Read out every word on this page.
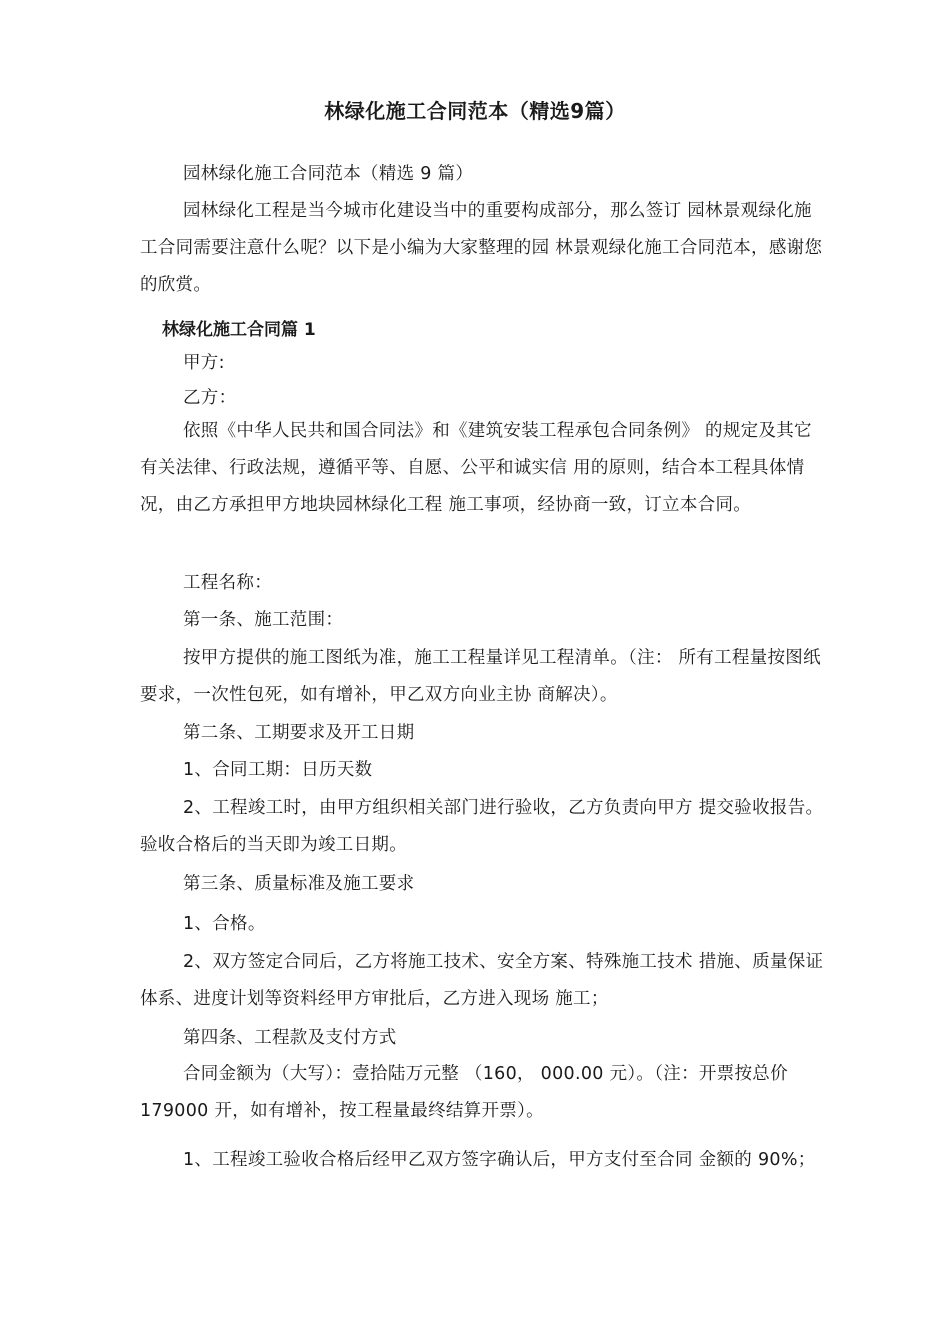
林绿化施工合同范本（精选9篇）
园林绿化施工合同范本（精选 9 篇）
园林绿化工程是当今城市化建设当中的重要构成部分，那么签订 园林景观绿化施工合同需要注意什么呢？以下是小编为大家整理的园 林景观绿化施工合同范本，感谢您的欣赏。
林绿化施工合同篇 1
甲方:
乙方：
依照《中华人民共和国合同法》和《建筑安装工程承包合同条例》 的规定及其它有关法律、行政法规，遵循平等、自愿、公平和诚实信 用的原则，结合本工程具体情况，由乙方承担甲方地块园林绿化工程 施工事项，经协商一致，订立本合同。
工程名称：
第一条、施工范围：
按甲方提供的施工图纸为准，施工工程量详见工程清单。（注： 所有工程量按图纸要求，一次性包死，如有增补，甲乙双方向业主协 商解决）。
第二条、工期要求及开工日期
1、合同工期：日历天数
2、工程竣工时，由甲方组织相关部门进行验收，乙方负责向甲方 提交验收报告。验收合格后的当天即为竣工日期。
第三条、质量标准及施工要求
1、合格。
2、双方签定合同后，乙方将施工技术、安全方案、特殊施工技术 措施、质量保证体系、进度计划等资料经甲方审批后，乙方进入现场 施工；
第四条、工程款及支付方式
合同金额为（大写）：壹拾陆万元整 （160， 000.00 元）。（注：开票按总价 179000 开，如有增补，按工程量最终结算开票）。
1、工程竣工验收合格后经甲乙双方签字确认后，甲方支付至合同 金额的 90%；
